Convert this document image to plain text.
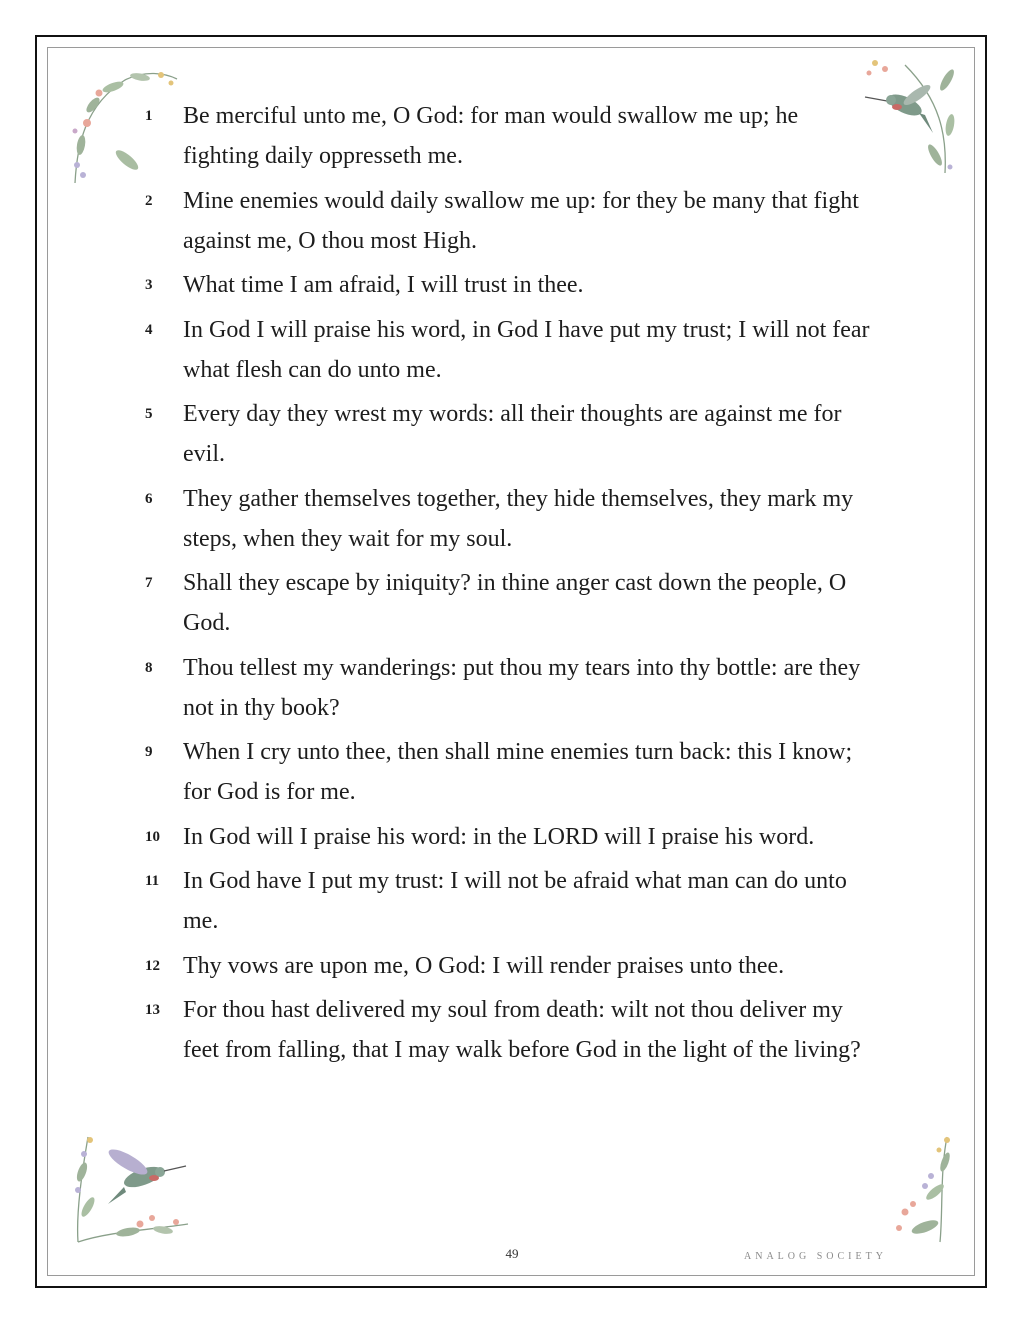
1	Be merciful unto me, O God: for man would swallow me up; he fighting daily oppresseth me.
2	Mine enemies would daily swallow me up: for they be many that fight against me, O thou most High.
3	What time I am afraid, I will trust in thee.
4	In God I will praise his word, in God I have put my trust; I will not fear what flesh can do unto me.
5	Every day they wrest my words: all their thoughts are against me for evil.
6	They gather themselves together, they hide themselves, they mark my steps, when they wait for my soul.
7	Shall they escape by iniquity? in thine anger cast down the people, O God.
8	Thou tellest my wanderings: put thou my tears into thy bottle: are they not in thy book?
9	When I cry unto thee, then shall mine enemies turn back: this I know; for God is for me.
10 In God will I praise his word: in the LORD will I praise his word.
11 In God have I put my trust: I will not be afraid what man can do unto me.
12 Thy vows are upon me, O God: I will render praises unto thee.
13 For thou hast delivered my soul from death: wilt not thou deliver my feet from falling, that I may walk before God in the light of the living?
49	ANALOG SOCIETY
